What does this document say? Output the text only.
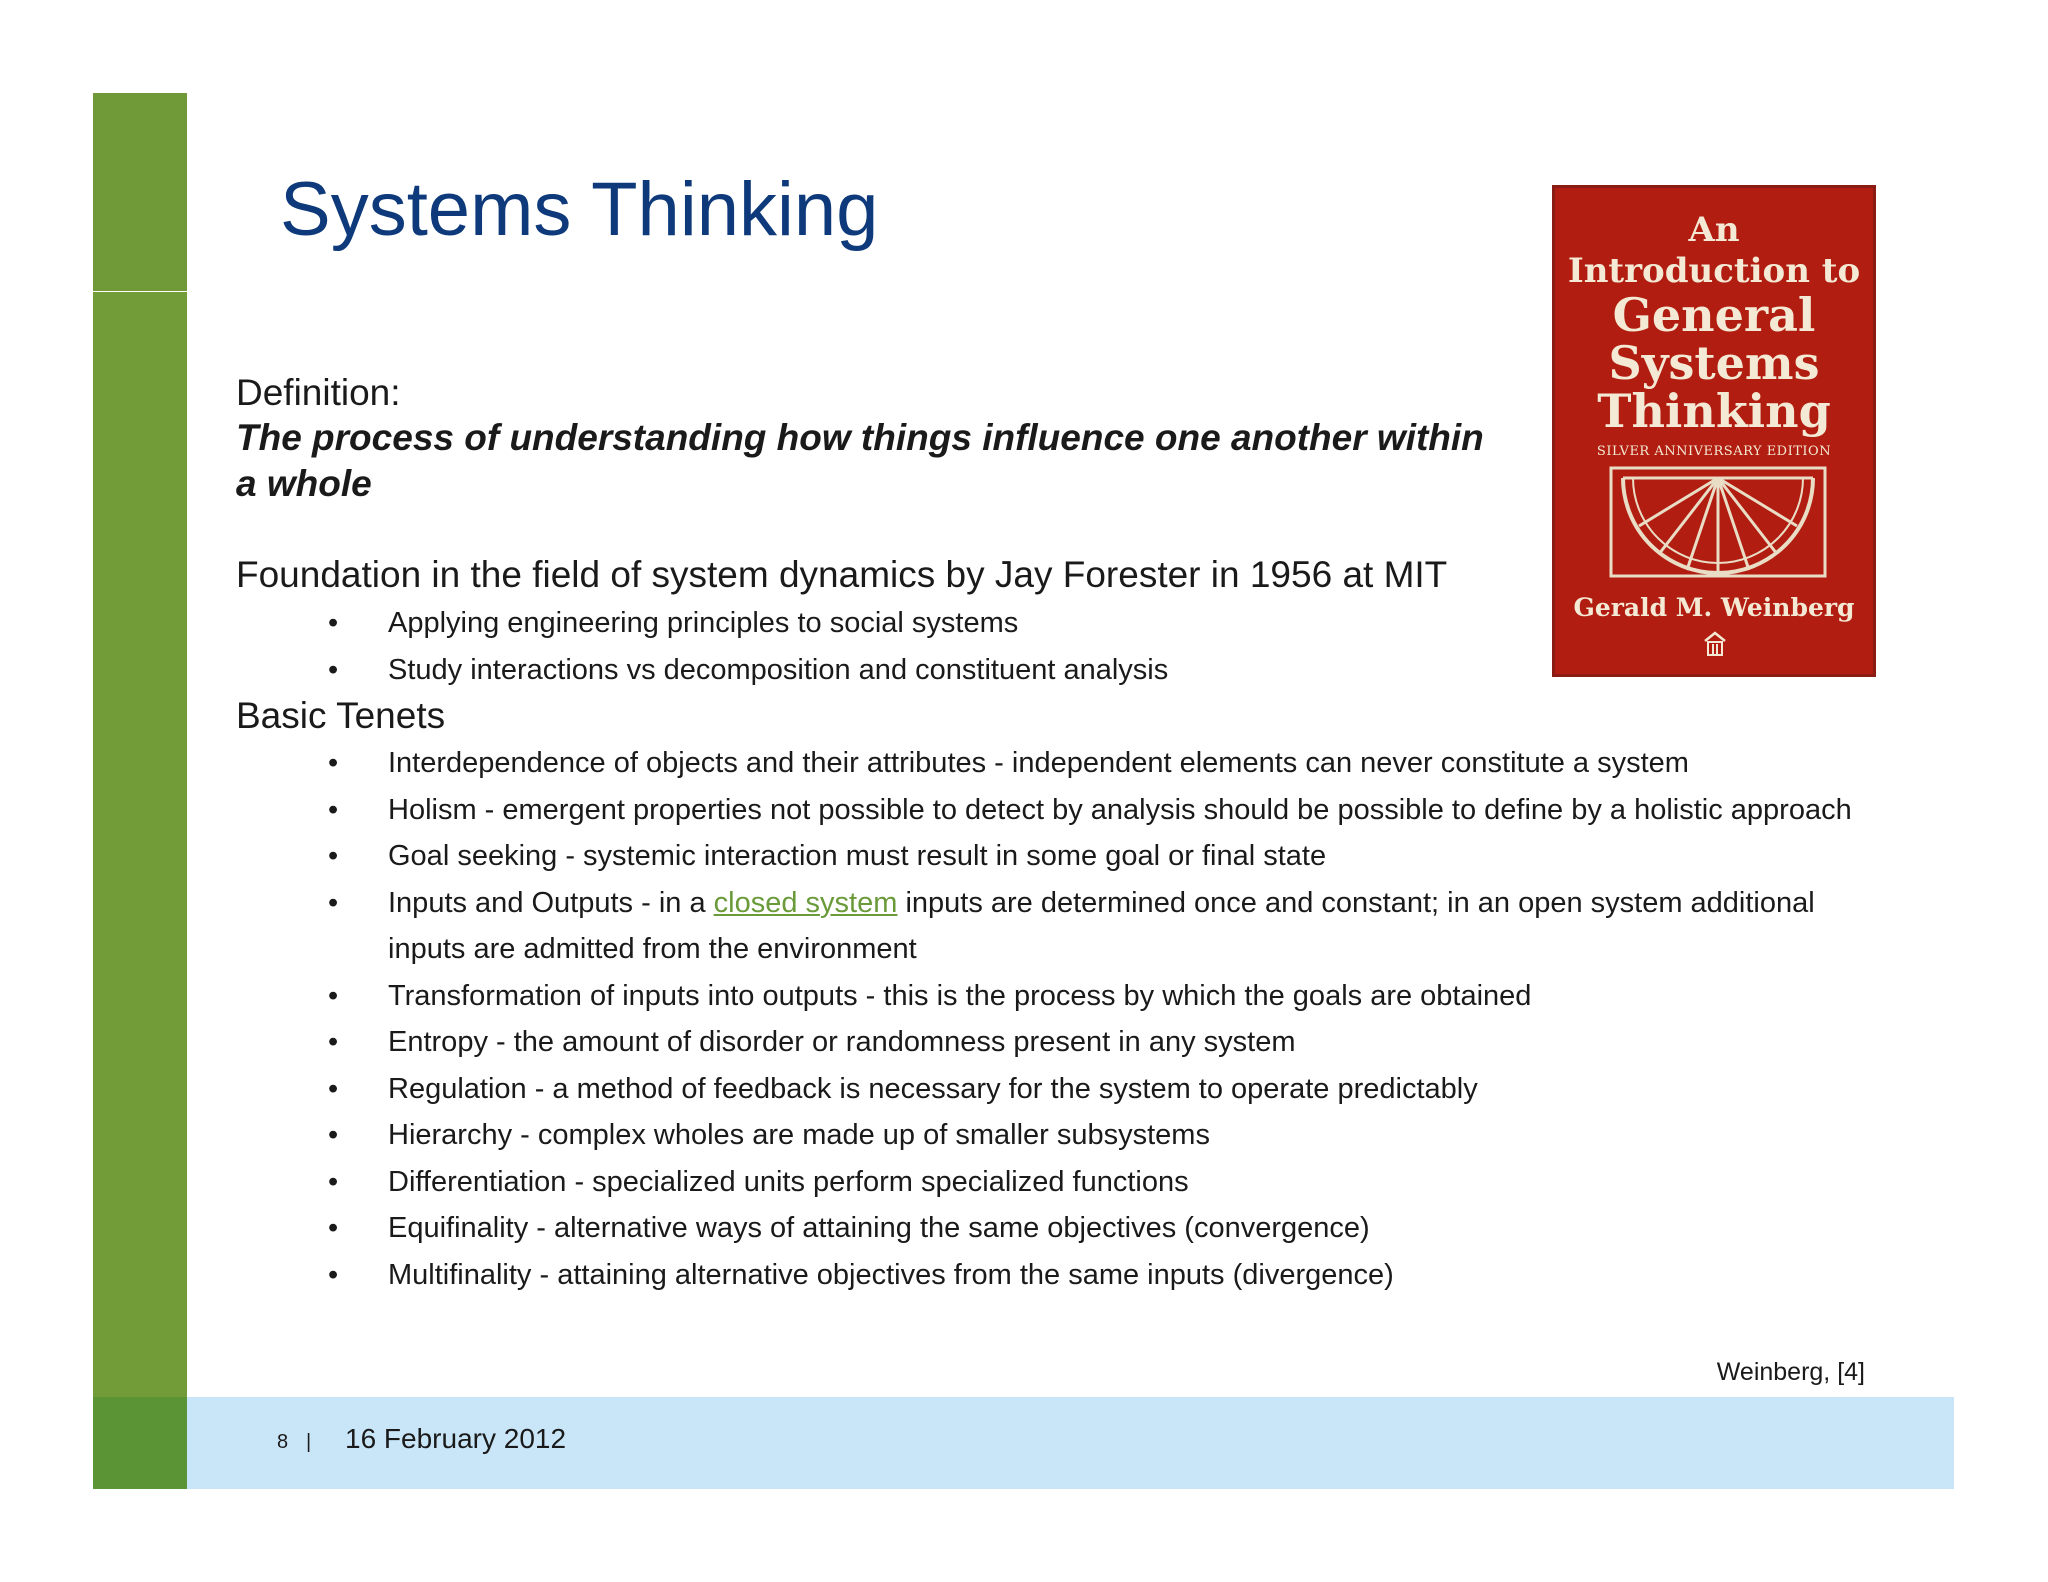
Systems Thinking
Definition:
The process of understanding how things influence one another within a whole
Foundation in the field of system dynamics by Jay Forester in 1956 at MIT
• Applying engineering principles to social systems
• Study interactions vs decomposition and constituent analysis
Basic Tenets
• Interdependence of objects and their attributes - independent elements can never constitute a system
• Holism - emergent properties not possible to detect by analysis should be possible to define by a holistic approach
• Goal seeking - systemic interaction must result in some goal or final state
• Inputs and Outputs - in a closed system inputs are determined once and constant; in an open system additional inputs are admitted from the environment
• Transformation of inputs into outputs - this is the process by which the goals are obtained
• Entropy - the amount of disorder or randomness present in any system
• Regulation - a method of feedback is necessary for the system to operate predictably
• Hierarchy - complex wholes are made up of smaller subsystems
• Differentiation - specialized units perform specialized functions
• Equifinality - alternative ways of attaining the same objectives (convergence)
• Multifinality - attaining alternative objectives from the same inputs (divergence)
An
Introduction to
General
Systems
Thinking
SILVER ANNIVERSARY EDITION
Gerald M. Weinberg
Weinberg, [4]
8 | 16 February 2012
